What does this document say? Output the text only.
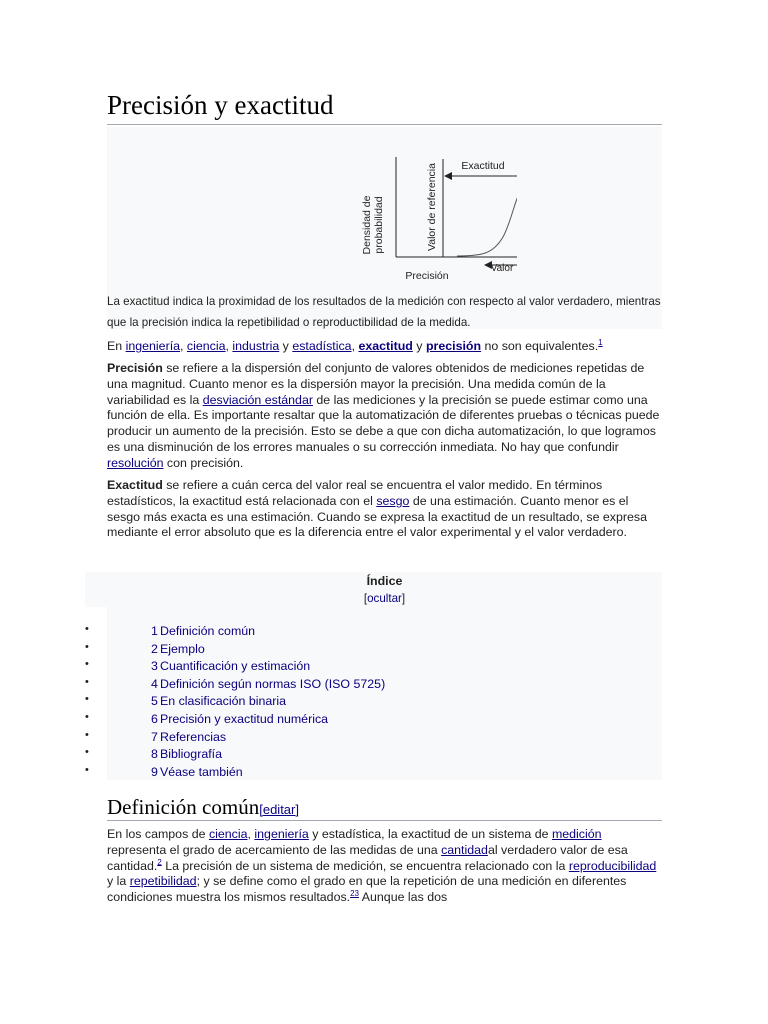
Precisión y exactitud
Densidad de probabilidad	Valor de referencia Exactitud
Precisión
Valor
La exactitud indica la proximidad de los resultados de la medición con respecto al valor verdadero, mientras que la precisión indica la repetibilidad o reproductibilidad de la medida.

En ingeniería, ciencia, industria y estadística, exactitud y precisión no son equivalentes.$^1$

Precisión se refiere a la dispersión del conjunto de valores obtenidos de mediciones repetidas de una magnitud. Cuanto menor es la dispersión mayor la precisión. Una medida común de la variabilidad es la desviación estándar de las mediciones y la precisión se puede estimar como una función de ella. Es importante resaltar que la automatización de diferentes pruebas o técnicas puede producir un aumento de la precisión. Esto se debe a que con dicha automatización, lo que logramos es una disminución de los errores manuales o su corrección inmediata. No hay que confundir resolución con precisión.

Exactitud se refiere a cuán cerca del valor real se encuentra el valor medido. En términos estadísticos, la exactitud está relacionada con el sesgo de una estimación. Cuanto menor es el sesgo más exacta es una estimación. Cuando se expresa la exactitud de un resultado, se expresa mediante el error absoluto que es la diferencia entre el valor experimental y el valor verdadero.

Índice
[ocultar]
•	1 Definición común
•	2 Ejemplo
•	3 Cuantificación y estimación
•	4 Definición según normas ISO (ISO 5725)
•	5 En clasificación binaria
•	6 Precisión y exactitud numérica
•	7 Referencias
•	8 Bibliografía
•	9 Véase también
Definición común[editar]

En los campos de ciencia, ingeniería y estadística, la exactitud de un sistema de medición representa el grado de acercamiento de las medidas de una cantidadal verdadero valor de esa cantidad.$^2$ La precisión de un sistema de medición, se encuentra relacionado con la reproducibilidad y la repetibilidad; y se define como el grado en que la repetición de una medición en diferentes condiciones muestra los mismos resultados.$^{23}$ Aunque las dos
